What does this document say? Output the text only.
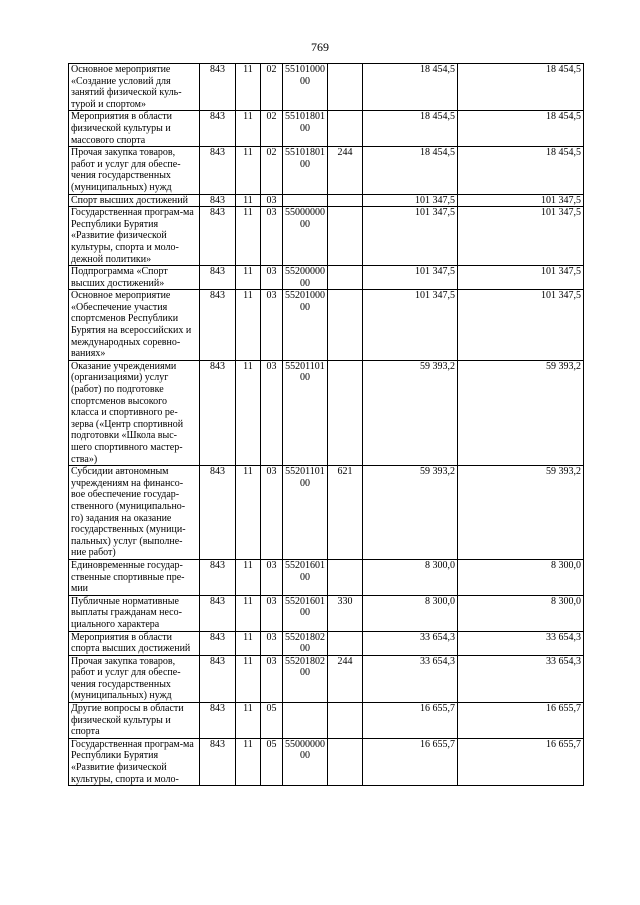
769
Основное мероприятие «Создание условий для занятий физической куль-турой и спортом»	843	11	02	55101000 00		18 454,5	18 454,5
Мероприятия в области физической культуры и массового спорта	843	11	02	55101801 00		18 454,5	18 454,5
Прочая закупка товаров, работ и услуг для обеспе-чения государственных (муниципальных) нужд	843	11	02	55101801 00	244	18 454,5	18 454,5
Спорт высших достижений	843	11	03			101 347,5	101 347,5
Государственная програм-ма Республики Бурятия «Развитие физической культуры, спорта и моло-дежной политики»	843	11	03	55000000 00		101 347,5	101 347,5
Подпрограмма «Спорт высших достижений»	843	11	03	55200000 00		101 347,5	101 347,5
Основное мероприятие «Обеспечение участия спортсменов Республики Бурятия на всероссийских и международных соревно-ваниях»	843	11	03	55201000 00		101 347,5	101 347,5
Оказание учреждениями (организациями) услуг (работ) по подготовке спортсменов высокого класса и спортивного ре-зерва («Центр спортивной подготовки «Школа выс-шего спортивного мастер-ства»)	843	11	03	55201101 00		59 393,2	59 393,2
Субсидии автономным учреждениям на финансо-вое обеспечение государ-ственного (муниципально-го) задания на оказание государственных (муници-пальных) услуг (выполне-ние работ)	843	11	03	55201101 00	621	59 393,2	59 393,2
Единовременные государ-ственные спортивные пре-мии	843	11	03	55201601 00		8 300,0	8 300,0
Публичные нормативные выплаты гражданам несо-циального характера	843	11	03	55201601 00	330	8 300,0	8 300,0
Мероприятия в области спорта высших достижений	843	11	03	55201802 00		33 654,3	33 654,3
Прочая закупка товаров, работ и услуг для обеспе-чения государственных (муниципальных) нужд	843	11	03	55201802 00	244	33 654,3	33 654,3
Другие вопросы в области физической культуры и спорта	843	11	05			16 655,7	16 655,7
Государственная програм-ма Республики Бурятия «Развитие физической культуры, спорта и моло-	843	11	05	55000000 00		16 655,7	16 655,7
